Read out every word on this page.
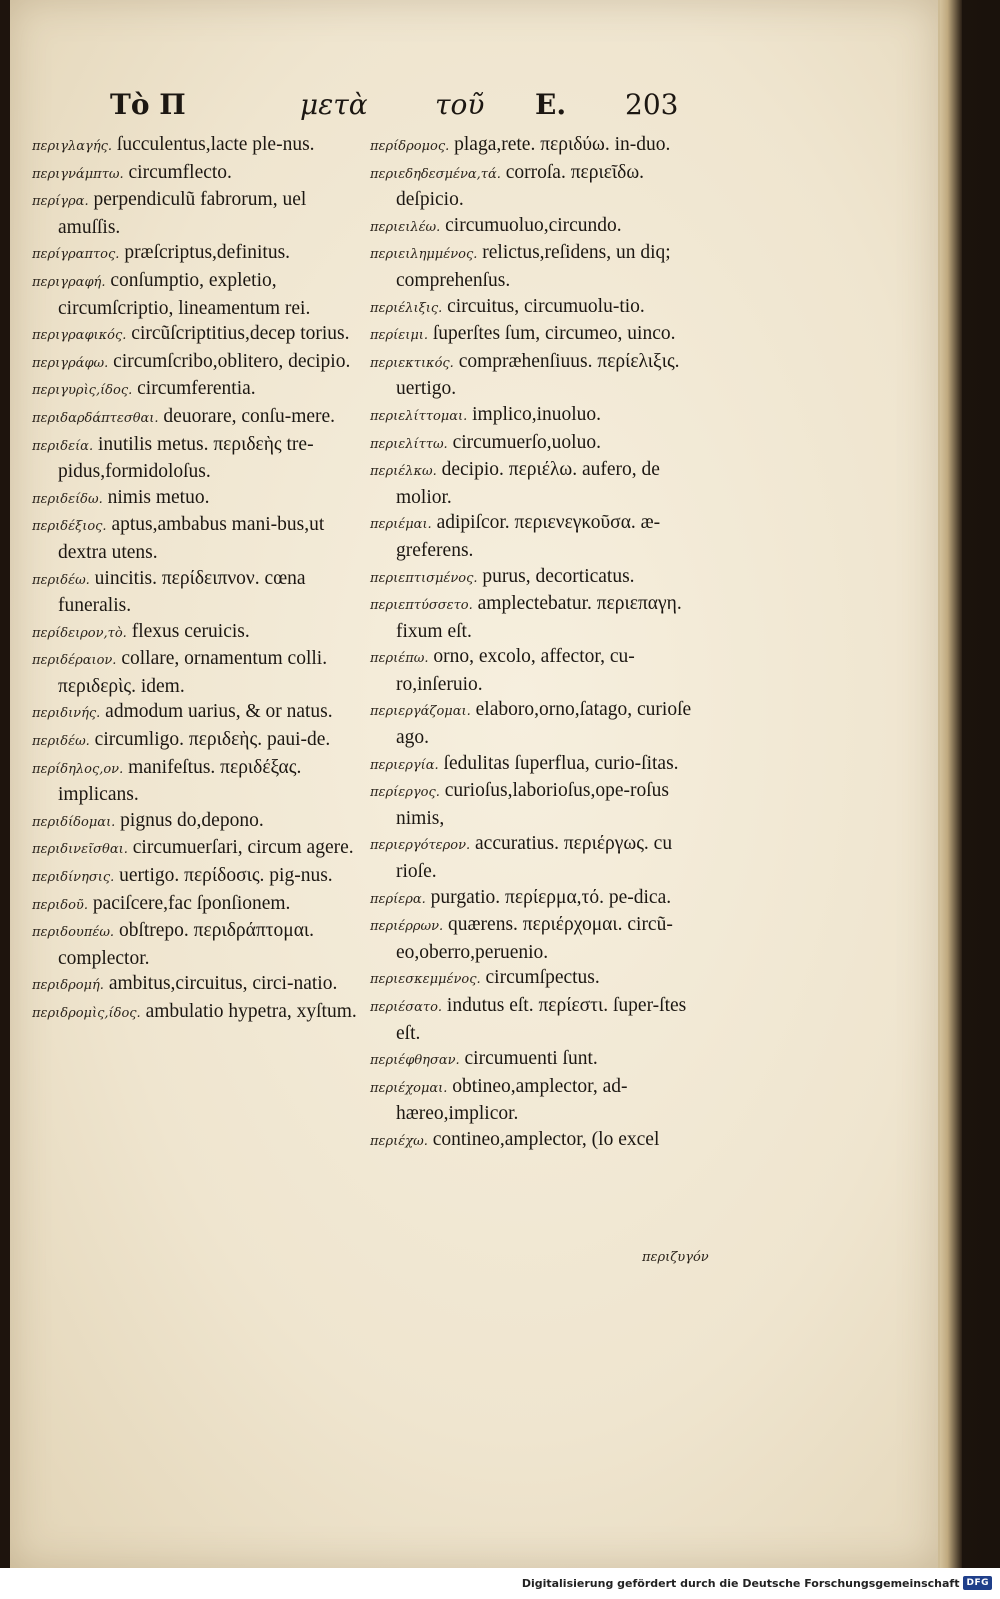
Τὸ Π	μετὰ τοῦ Ε. 203
περιγλαγής. ſucculentus,lacte ple-nus.
περιγνάμπτω. circumflecto.
περίγρα. perpendiculũ fabrorum, uel amuſſis.
περίγραπτος. præſcriptus,definitus.
περιγραφή. conſumptio, expletio, circumſcriptio, lineamentum rei.
περιγραφικός. circũſcriptitius,decep torius.
περιγράφω. circumſcribo,oblitero, decipio.
περιγυρὶς,ίδος. circumferentia.
περιδαρδάπτεσθαι. deuorare, conſu-mere.
περιδεία. inutilis metus. περιδεὴς tre-pidus,formidoloſus.
περιδείδω. nimis metuo.
περιδέξιος. aptus,ambabus mani-bus,ut dextra utens.
περιδέω. uincitis. περίδειπνον. cœna funeralis.
περίδειρον,τὸ. flexus ceruicis.
περιδέραιον. collare, ornamentum colli. περιδερὶς. idem.
περιδινής. admodum uarius, & or natus.
περιδέω. circumligo. περιδεὴς. paui-de.
περίδηλος,ον. manifeſtus. περιδέξας. implicans.
περιδίδομαι. pignus do,depono.
περιδινεῖσθαι. circumuerſari, circum agere.
περιδίνησις. uertigo. περίδοσις. pig-nus.
περιδοῦ. paciſcere,fac ſponſionem.
περιδουπέω. obſtrepo. περιδράπτομαι. complector.
περιδρομή. ambitus,circuitus, circi-natio.
περιδρομὶς,ίδος. ambulatio hypetra, xyſtum.
περίδρομος. plaga,rete. περιδύω. in-duo.
περιεδηδεσμένα,τά. corroſa. περιεῖδω. deſpicio.
περιειλέω. circumuoluo,circundo.
περιειλημμένος. relictus,reſidens, un diq; comprehenſus.
περιέλιξις. circuitus, circumuolu-tio.
περίειμι. ſuperſtes ſum, circumeo, uinco.
περιεκτικός. compræhenſiuus. περίελιξις. uertigo.
περιελίττομαι. implico,inuoluo.
περιελίττω. circumuerſo,uoluo.
περιέλκω. decipio. περιέλω. aufero, de molior.
περιέμαι. adipiſcor. περιενεγκοῦσα. æ-greferens.
περιεπτισμένος. purus, decorticatus.
περιεπτύσσετο. amplectebatur. περιεπαγη. fixum eſt.
περιέπω. orno, excolo, affector, cu-ro,inſeruio.
περιεργάζομαι. elaboro,orno,ſatago, curioſe ago.
περιεργία. ſedulitas ſuperflua, curio-ſitas.
περίεργος. curioſus,laborioſus,ope-roſus nimis,
περιεργότερον. accuratius. περιέργως. cu rioſe.
περίερα. purgatio. περίερμα,τό. pe-dica.
περιέρρων. quærens. περιέρχομαι. circũ-eo,oberro,peruenio.
περιεσκεμμένος. circumſpectus.
περιέσατο. indutus eſt. περίεστι. ſuper-ſtes eſt.
περιέφθησαν. circumuenti ſunt.
περιέχομαι. obtineo,amplector, ad-hæreo,implicor.
περιέχω. contineo,amplector, (lo excel
περιζυγόν
Digitalisierung gefördert durch die Deutsche Forschungsgemeinschaft DFG
